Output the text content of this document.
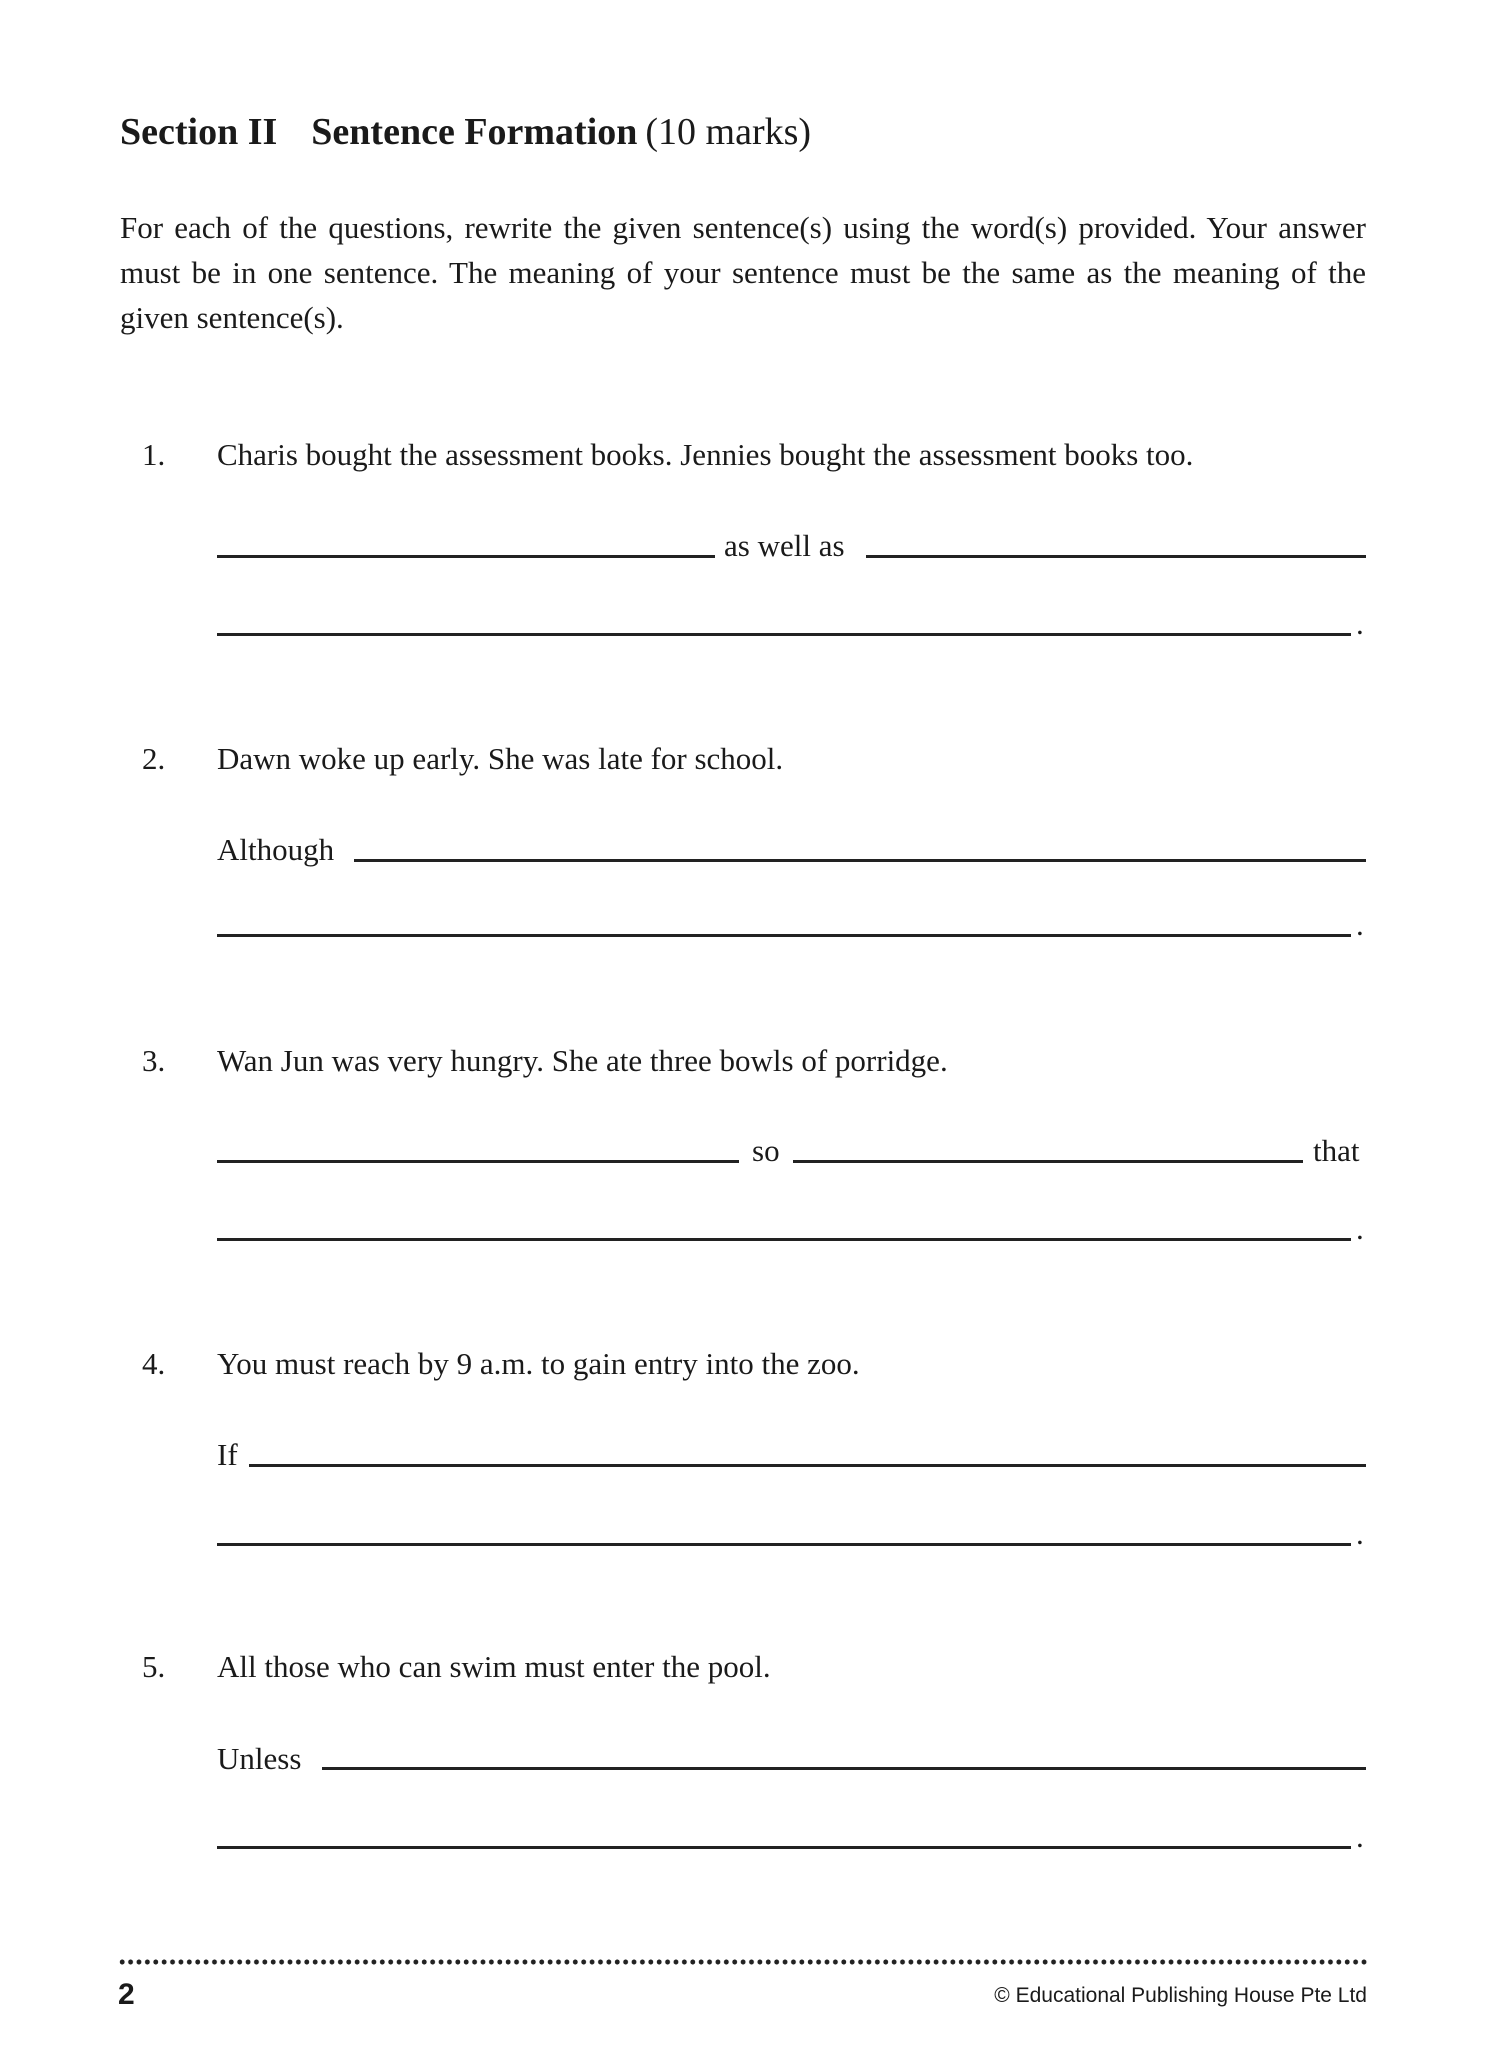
Section II Sentence Formation (10 marks)

For each of the questions, rewrite the given sentence(s) using the word(s) provided. Your answer must be in one sentence. The meaning of your sentence must be the same as the meaning of the given sentence(s).

1. Charis bought the assessment books. Jennies bought the assessment books too.
as well as
.
2. Dawn woke up early. She was late for school.
Although
.
3. Wan Jun was very hungry. She ate three bowls of porridge.
so	that
.
4. You must reach by 9 a.m. to gain entry into the zoo.
If
.
5. All those who can swim must enter the pool.
Unless
.
2	© Educational Publishing House Pte Ltd
